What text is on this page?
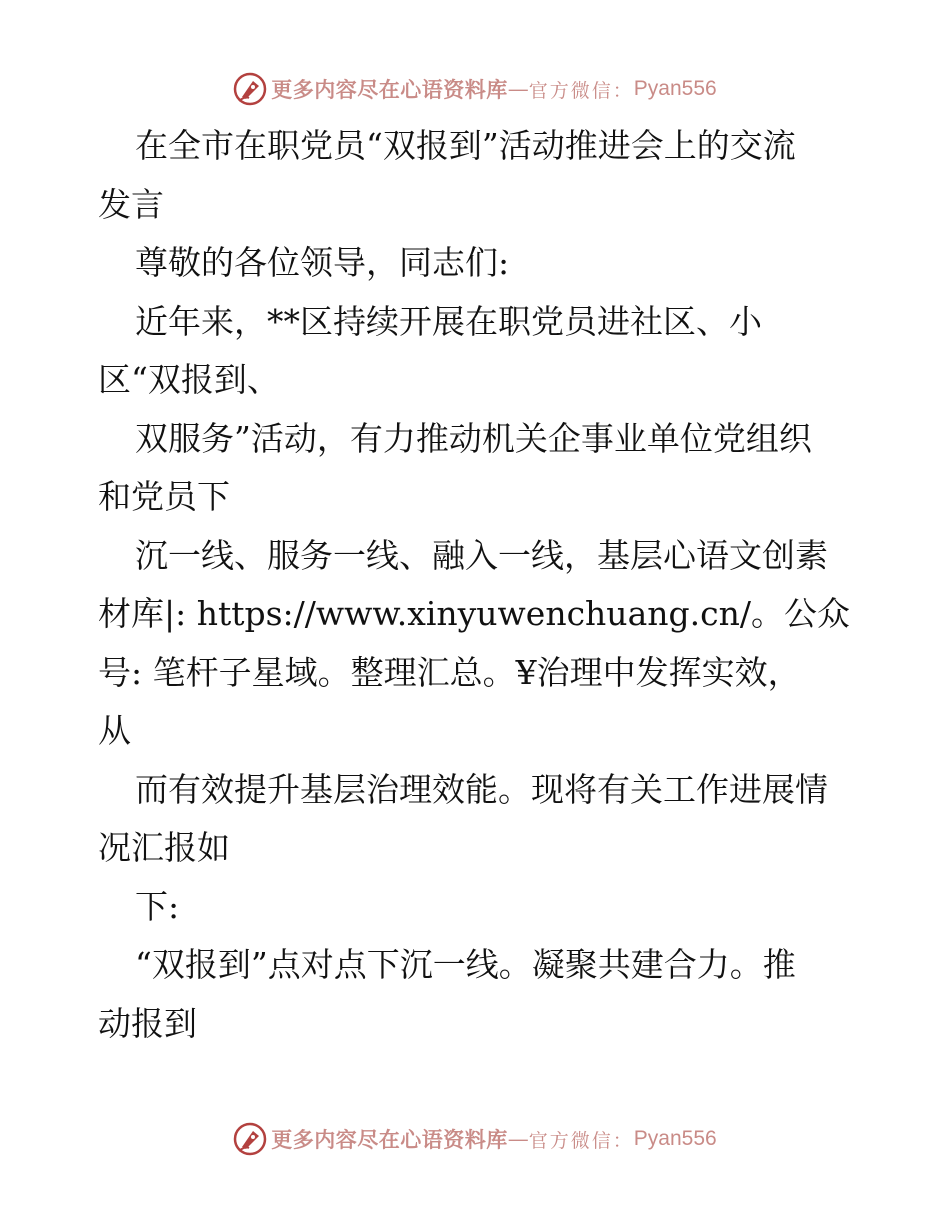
更多内容尽在心语资料库 — 官方微信： Pyan556
在全市在职党员“双报到”活动推进会上的交流
发言
尊敬的各位领导，同志们:
近年来，**区持续开展在职党员进社区、小
区“双报到、
双服务”活动，有力推动机关企事业单位党组织
和党员下
沉一线、服务一线、融入一线，基层心语文创素
材库|: https://www.xinyuwenchuang.cn/。公众
号: 笔杆子星域。整理汇总。¥治理中发挥实效，
从
而有效提升基层治理效能。现将有关工作进展情
况汇报如
下:
“双报到”点对点下沉一线。凝聚共建合力。推
动报到
更多内容尽在心语资料库 — 官方微信： Pyan556
